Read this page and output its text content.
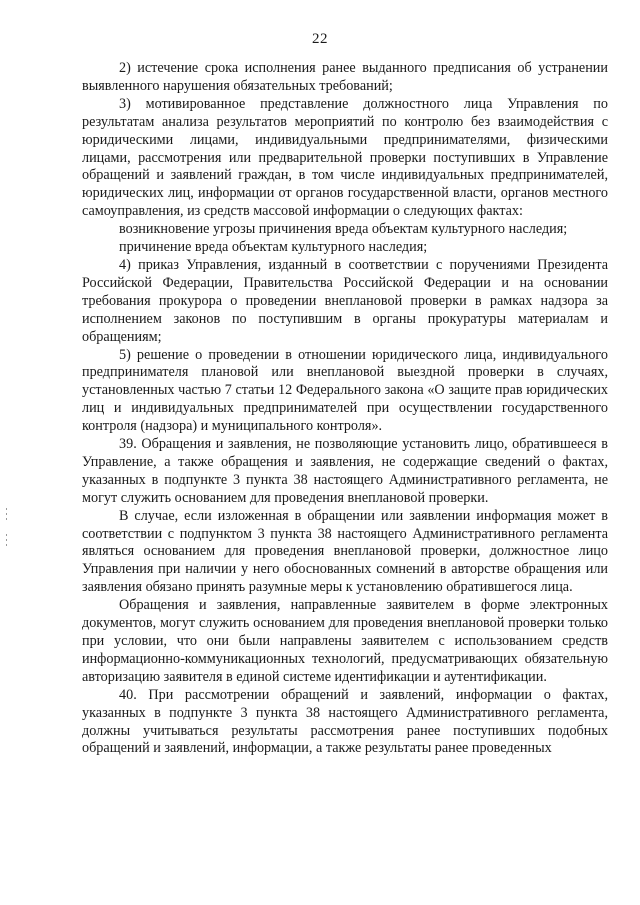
22

2) истечение срока исполнения ранее выданного предписания об устранении выявленного нарушения обязательных требований;

3) мотивированное представление должностного лица Управления по результатам анализа результатов мероприятий по контролю без взаимодействия с юридическими лицами, индивидуальными предпринимателями, физическими лицами, рассмотрения или предварительной проверки поступивших в Управление обращений и заявлений граждан, в том числе индивидуальных предпринимателей, юридических лиц, информации от органов государственной власти, органов местного самоуправления, из средств массовой информации о следующих фактах:

возникновение угрозы причинения вреда объектам культурного наследия;

причинение вреда объектам культурного наследия;

4) приказ Управления, изданный в соответствии с поручениями Президента Российской Федерации, Правительства Российской Федерации и на основании требования прокурора о проведении внеплановой проверки в рамках надзора за исполнением законов по поступившим в органы прокуратуры материалам и обращениям;

5) решение о проведении в отношении юридического лица, индивидуального предпринимателя плановой или внеплановой выездной проверки в случаях, установленных частью 7 статьи 12 Федерального закона «О защите прав юридических лиц и индивидуальных предпринимателей при осуществлении государственного контроля (надзора) и муниципального контроля».

39. Обращения и заявления, не позволяющие установить лицо, обратившееся в Управление, а также обращения и заявления, не содержащие сведений о фактах, указанных в подпункте 3 пункта 38 настоящего Административного регламента, не могут служить основанием для проведения внеплановой проверки.

В случае, если изложенная в обращении или заявлении информация может в соответствии с подпунктом 3 пункта 38 настоящего Административного регламента являться основанием для проведения внеплановой проверки, должностное лицо Управления при наличии у него обоснованных сомнений в авторстве обращения или заявления обязано принять разумные меры к установлению обратившегося лица.

Обращения и заявления, направленные заявителем в форме электронных документов, могут служить основанием для проведения внеплановой проверки только при условии, что они были направлены заявителем с использованием средств информационно-коммуникационных технологий, предусматривающих обязательную авторизацию заявителя в единой системе идентификации и аутентификации.

40. При рассмотрении обращений и заявлений, информации о фактах, указанных в подпункте 3 пункта 38 настоящего Административного регламента, должны учитываться результаты рассмотрения ранее поступивших подобных обращений и заявлений, информации, а также результаты ранее проведенных
